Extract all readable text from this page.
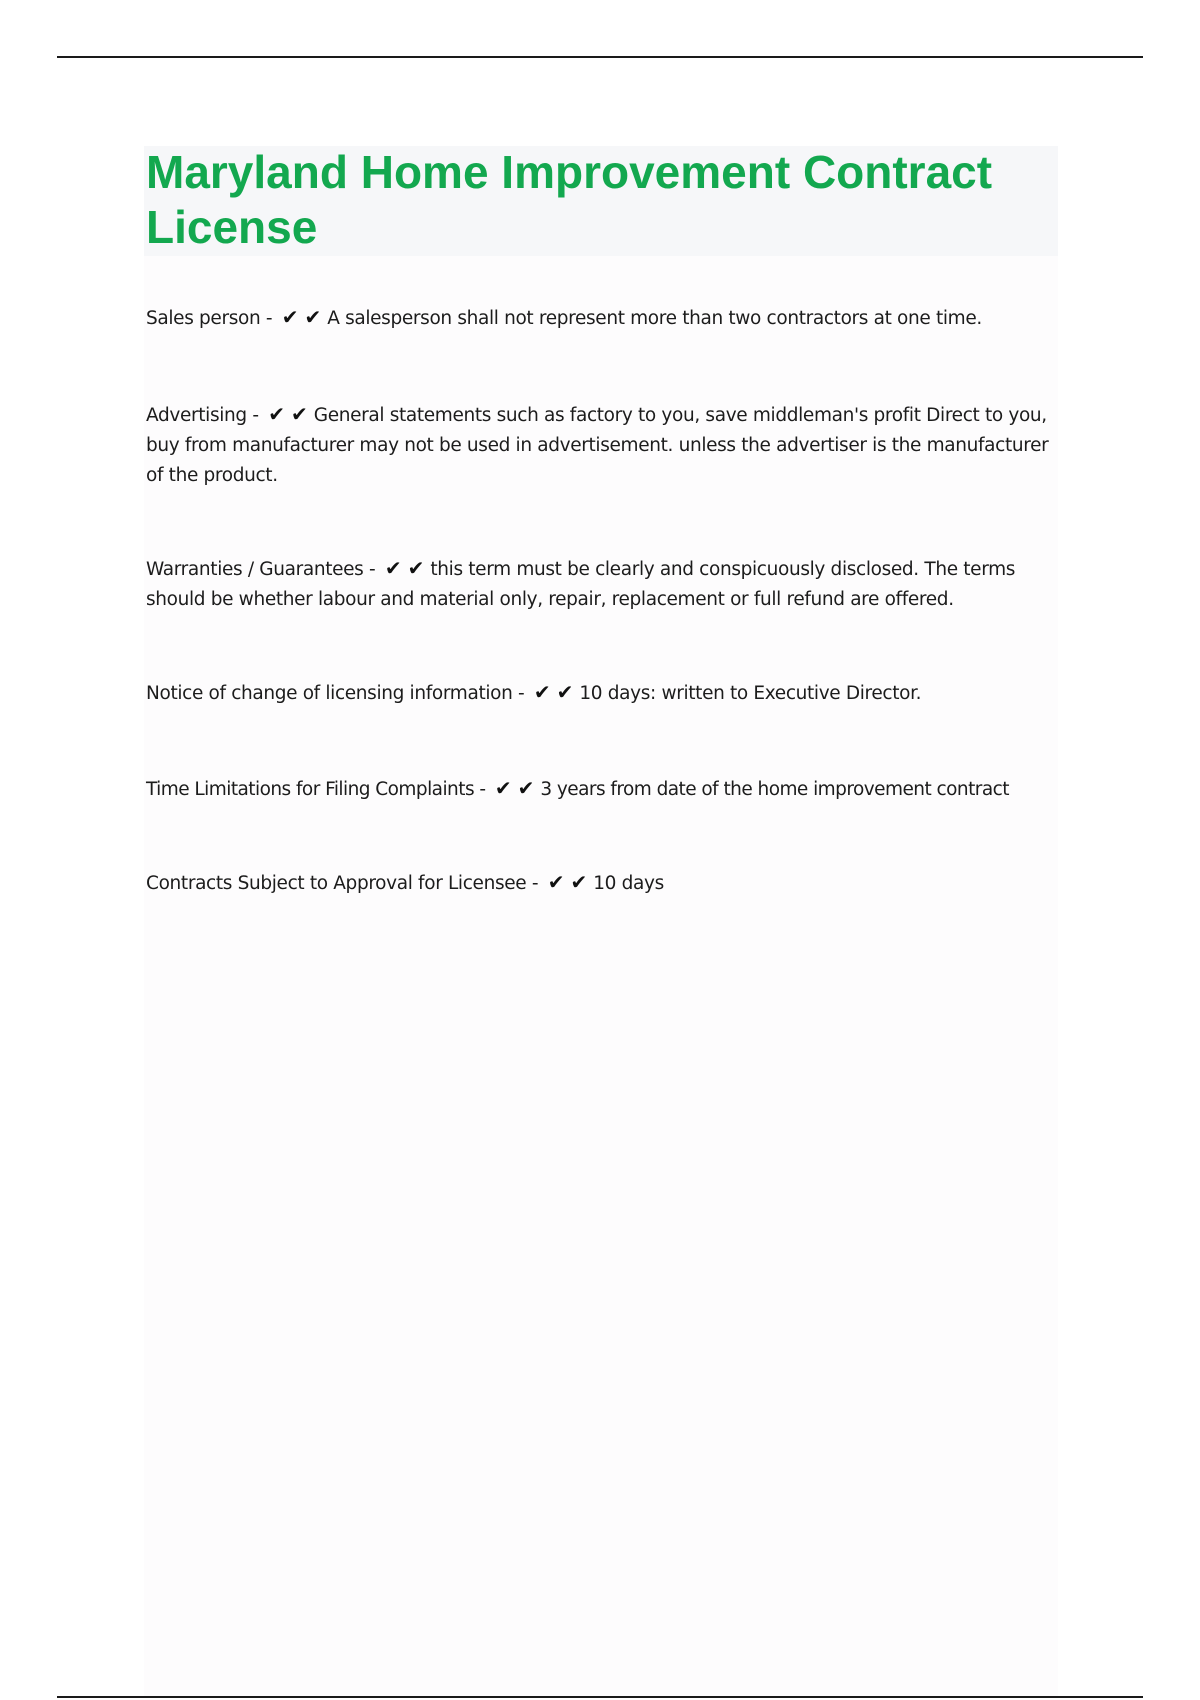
Maryland Home Improvement Contract License

Sales person - ✔✔A salesperson shall not represent more than two contractors at one time.

Advertising - ✔✔General statements such as factory to you, save middleman's profit Direct to you, buy from manufacturer may not be used in advertisement. unless the advertiser is the manufacturer of the product.

Warranties / Guarantees - ✔✔this term must be clearly and conspicuously disclosed. The terms should be whether labour and material only, repair, replacement or full refund are offered.

Notice of change of licensing information - ✔✔10 days: written to Executive Director.

Time Limitations for Filing Complaints - ✔✔3 years from date of the home improvement contract

Contracts Subject to Approval for Licensee - ✔✔10 days
